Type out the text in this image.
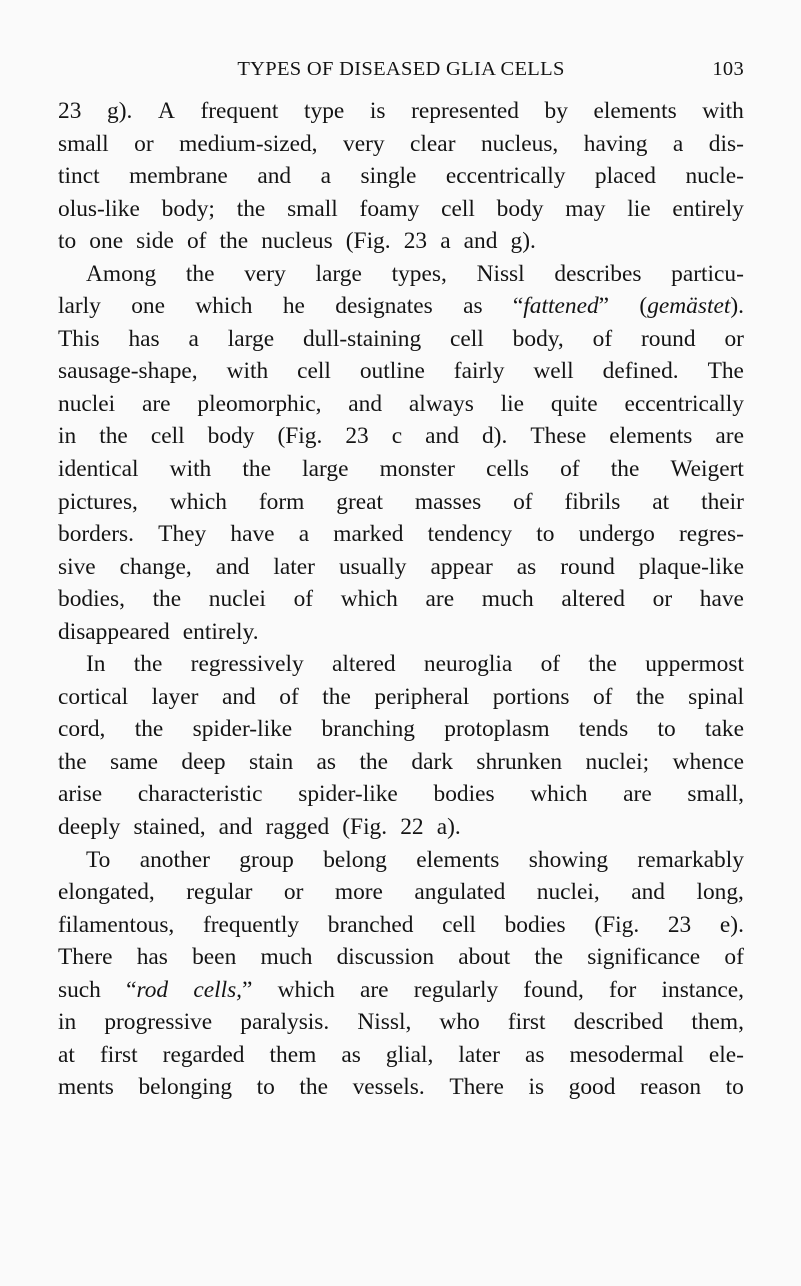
TYPES OF DISEASED GLIA CELLS	103
23 g). A frequent type is represented by elements with
small or medium-sized, very clear nucleus, having a dis-
tinct membrane and a single eccentrically placed nucle-
olus-like body; the small foamy cell body may lie entirely
to one side of the nucleus (Fig. 23 a and g).
Among the very large types, Nissl describes particu-
larly one which he designates as “fattened” (gemästet).
This has a large dull-staining cell body, of round or
sausage-shape, with cell outline fairly well defined. The
nuclei are pleomorphic, and always lie quite eccentrically
in the cell body (Fig. 23 c and d). These elements are
identical with the large monster cells of the Weigert
pictures, which form great masses of fibrils at their
borders. They have a marked tendency to undergo regres-
sive change, and later usually appear as round plaque-like
bodies, the nuclei of which are much altered or have
disappeared entirely.
In the regressively altered neuroglia of the uppermost
cortical layer and of the peripheral portions of the spinal
cord, the spider-like branching protoplasm tends to take
the same deep stain as the dark shrunken nuclei; whence
arise characteristic spider-like bodies which are small,
deeply stained, and ragged (Fig. 22 a).
To another group belong elements showing remarkably
elongated, regular or more angulated nuclei, and long,
filamentous, frequently branched cell bodies (Fig. 23 e).
There has been much discussion about the significance of
such “rod cells,” which are regularly found, for instance,
in progressive paralysis. Nissl, who first described them,
at first regarded them as glial, later as mesodermal ele-
ments belonging to the vessels. There is good reason to
